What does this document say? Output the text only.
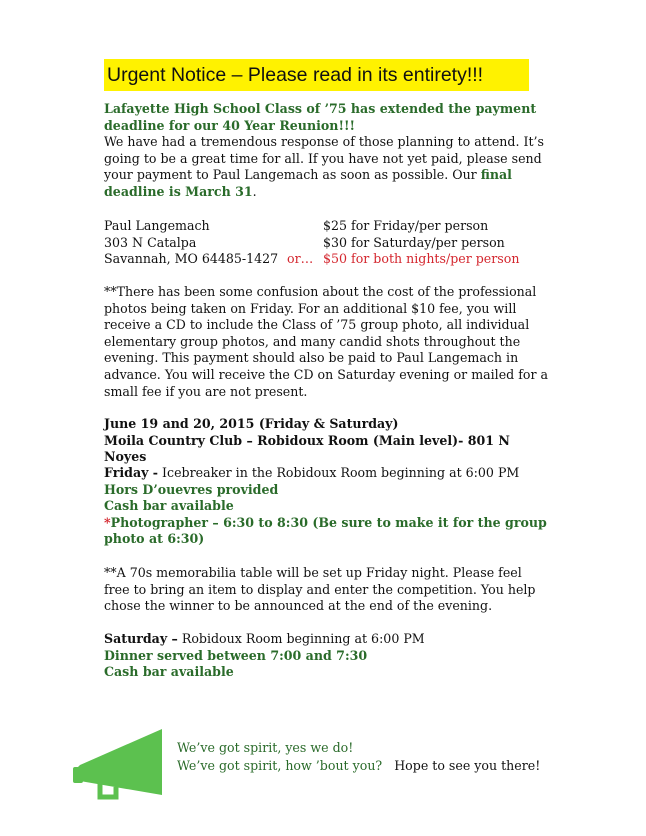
Urgent Notice – Please read in its entirety!!!
Lafayette High School Class of ’75 has extended the payment deadline for our 40 Year Reunion!!!
We have had a tremendous response of those planning to attend. It’s going to be a great time for all. If you have not yet paid, please send your payment to Paul Langemach as soon as possible. Our final deadline is March 31.
Paul Langemach
303 N Catalpa
Savannah, MO 64485-1427 or…
$25 for Friday/per person
$30 for Saturday/per person
$50 for both nights/per person
**There has been some confusion about the cost of the professional photos being taken on Friday. For an additional $10 fee, you will receive a CD to include the Class of ’75 group photo, all individual elementary group photos, and many candid shots throughout the evening. This payment should also be paid to Paul Langemach in advance. You will receive the CD on Saturday evening or mailed for a small fee if you are not present.
June 19 and 20, 2015 (Friday & Saturday)
Moila Country Club – Robidoux Room (Main level)- 801 N Noyes
Friday - Icebreaker in the Robidoux Room beginning at 6:00 PM
Hors D’ouevres provided
Cash bar available
*Photographer – 6:30 to 8:30 (Be sure to make it for the group photo at 6:30)
**A 70s memorabilia table will be set up Friday night. Please feel free to bring an item to display and enter the competition. You help chose the winner to be announced at the end of the evening.
Saturday – Robidoux Room beginning at 6:00 PM
Dinner served between 7:00 and 7:30
Cash bar available
We’ve got spirit, yes we do!
We’ve got spirit, how ’bout you? Hope to see you there!
